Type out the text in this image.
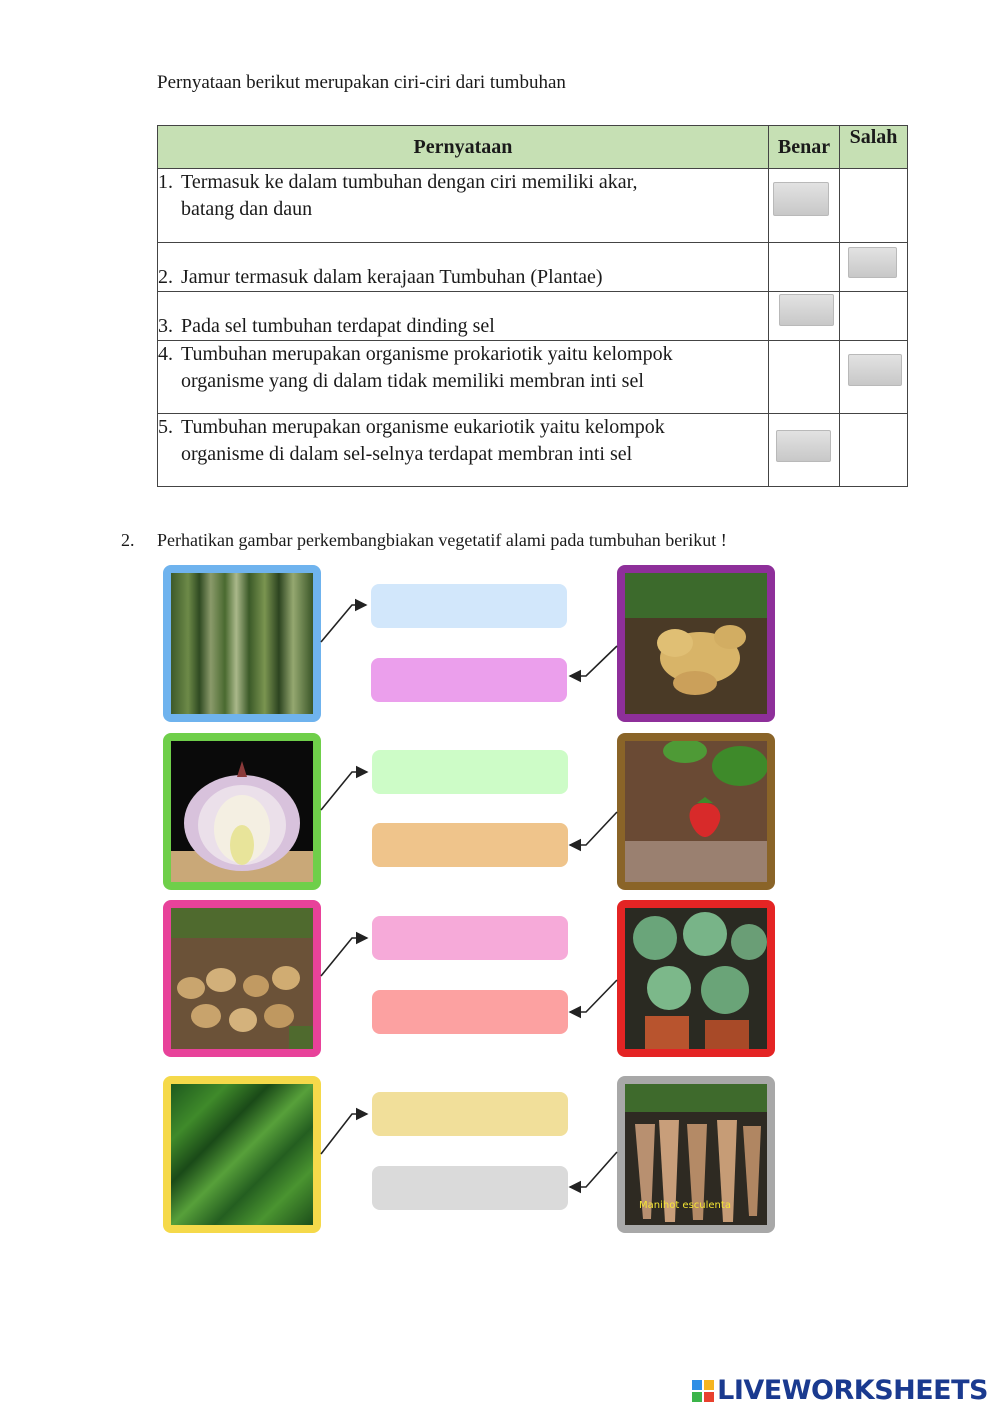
Pernyataan berikut merupakan ciri-ciri dari tumbuhan
Pernyataan	Benar	Salah
1. Termasuk ke dalam tumbuhan dengan ciri memiliki akar,
batang dan daun		

2. Jamur termasuk dalam kerajaan Tumbuhan (Plantae)		

3. Pada sel tumbuhan terdapat dinding sel	

4. Tumbuhan merupakan organisme prokariotik yaitu kelompok
organisme yang di dalam tidak memiliki membran inti sel		

5. Tumbuhan merupakan organisme eukariotik yaitu kelompok
organisme di dalam sel-selnya terdapat membran inti sel		

2. Perhatikan gambar perkembangbiakan vegetatif alami pada tumbuhan berikut !
Manihot esculenta
LIVEWORKSHEETS
